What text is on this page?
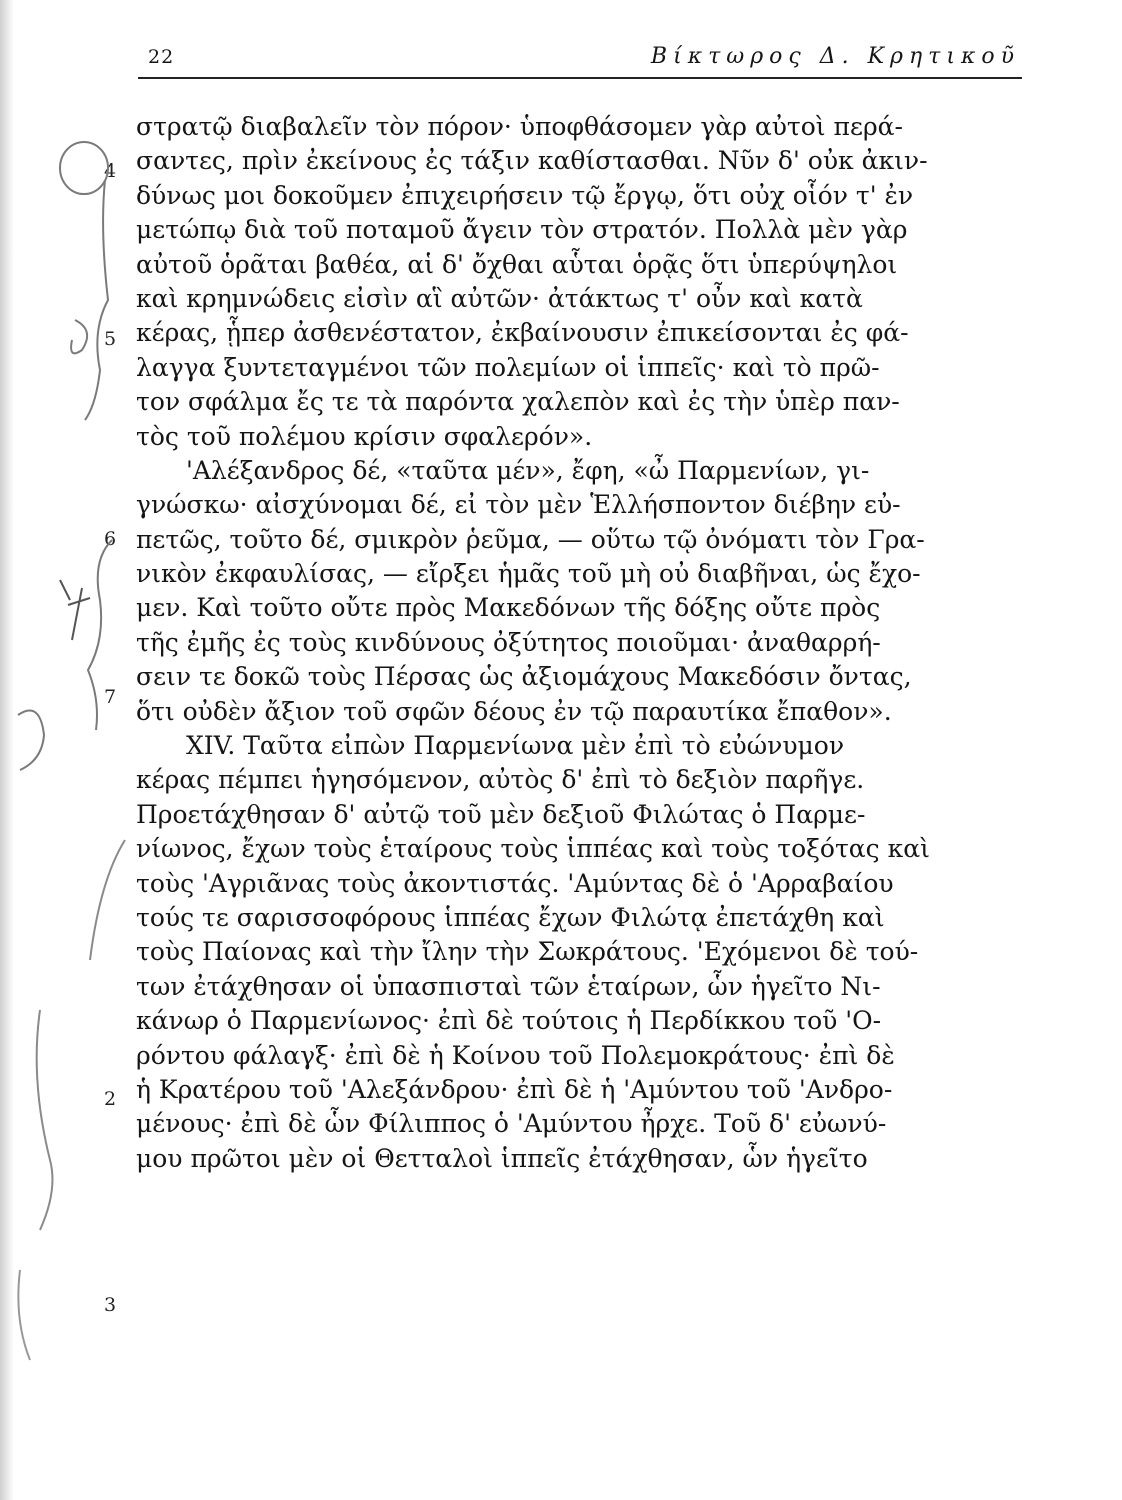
22	Βίκτωρος Δ. Κρητικοῦ
στρατῷ διαβαλεῖν τὸν πόρον· ὑποφθάσομεν γὰρ αὐτοὶ περά-
σαντες, πρὶν ἐκείνους ἐς τάξιν καθίστασθαι. Νῦν δ' οὐκ ἀκιν-
δύνως μοι δοκοῦμεν ἐπιχειρήσειν τῷ ἔργῳ, ὅτι οὐχ οἷόν τ' ἐν
μετώπῳ διὰ τοῦ ποταμοῦ ἄγειν τὸν στρατόν. Πολλὰ μὲν γὰρ
αὐτοῦ ὁρᾶται βαθέα, αἱ δ' ὄχθαι αὗται ὁρᾷς ὅτι ὑπερύψηλοι
καὶ κρημνώδεις εἰσὶν αἳ αὐτῶν· ἀτάκτως τ' οὖν καὶ κατὰ
κέρας, ᾗπερ ἀσθενέστατον, ἐκβαίνουσιν ἐπικείσονται ἐς φά-
λαγγα ξυντεταγμένοι τῶν πολεμίων οἱ ἱππεῖς· καὶ τὸ πρῶ-
τον σφάλμα ἔς τε τὰ παρόντα χαλεπὸν καὶ ἐς τὴν ὑπὲρ παν-
τὸς τοῦ πολέμου κρίσιν σφαλερόν».
'Αλέξανδρος δέ, «ταῦτα μέν», ἔφη, «ὦ Παρμενίων, γι-
γνώσκω· αἰσχύνομαι δέ, εἰ τὸν μὲν Ἑλλήσποντον διέβην εὐ-
πετῶς, τοῦτο δέ, σμικρὸν ῥεῦμα, — οὕτω τῷ ὀνόματι τὸν Γρα-
νικὸν ἐκφαυλίσας, — εἴρξει ἡμᾶς τοῦ μὴ οὐ διαβῆναι, ὡς ἔχο-
μεν. Καὶ τοῦτο οὔτε πρὸς Μακεδόνων τῆς δόξης οὔτε πρὸς
τῆς ἐμῆς ἐς τοὺς κινδύνους ὀξύτητος ποιοῦμαι· ἀναθαρρή-
σειν τε δοκῶ τοὺς Πέρσας ὡς ἀξιομάχους Μακεδόσιν ὄντας,
ὅτι οὐδὲν ἄξιον τοῦ σφῶν δέους ἐν τῷ παραυτίκα ἔπαθον».
XIV. Ταῦτα εἰπὼν Παρμενίωνα μὲν ἐπὶ τὸ εὐώνυμον
κέρας πέμπει ἡγησόμενον, αὐτὸς δ' ἐπὶ τὸ δεξιὸν παρῆγε.
Προετάχθησαν δ' αὐτῷ τοῦ μὲν δεξιοῦ Φιλώτας ὁ Παρμε-
νίωνος, ἔχων τοὺς ἑταίρους τοὺς ἱππέας καὶ τοὺς τοξότας καὶ
τοὺς 'Αγριᾶνας τοὺς ἀκοντιστάς. 'Αμύντας δὲ ὁ 'Αρραβαίου
τούς τε σαρισσοφόρους ἱππέας ἔχων Φιλώτᾳ ἐπετάχθη καὶ
τοὺς Παίονας καὶ τὴν ἴλην τὴν Σωκράτους. 'Εχόμενοι δὲ τού-
των ἐτάχθησαν οἱ ὑπασπισταὶ τῶν ἑταίρων, ὧν ἡγεῖτο Νι-
κάνωρ ὁ Παρμενίωνος· ἐπὶ δὲ τούτοις ἡ Περδίκκου τοῦ 'Ο-
ρόντου φάλαγξ· ἐπὶ δὲ ἡ Κοίνου τοῦ Πολεμοκράτους· ἐπὶ δὲ
ἡ Κρατέρου τοῦ 'Αλεξάνδρου· ἐπὶ δὲ ἡ 'Αμύντου τοῦ 'Ανδρο-
μένους· ἐπὶ δὲ ὧν Φίλιππος ὁ 'Αμύντου ἦρχε. Τοῦ δ' εὐωνύ-
μου πρῶτοι μὲν οἱ Θετταλοὶ ἱππεῖς ἐτάχθησαν, ὧν ἡγεῖτο
4
5
6
7
2
3
